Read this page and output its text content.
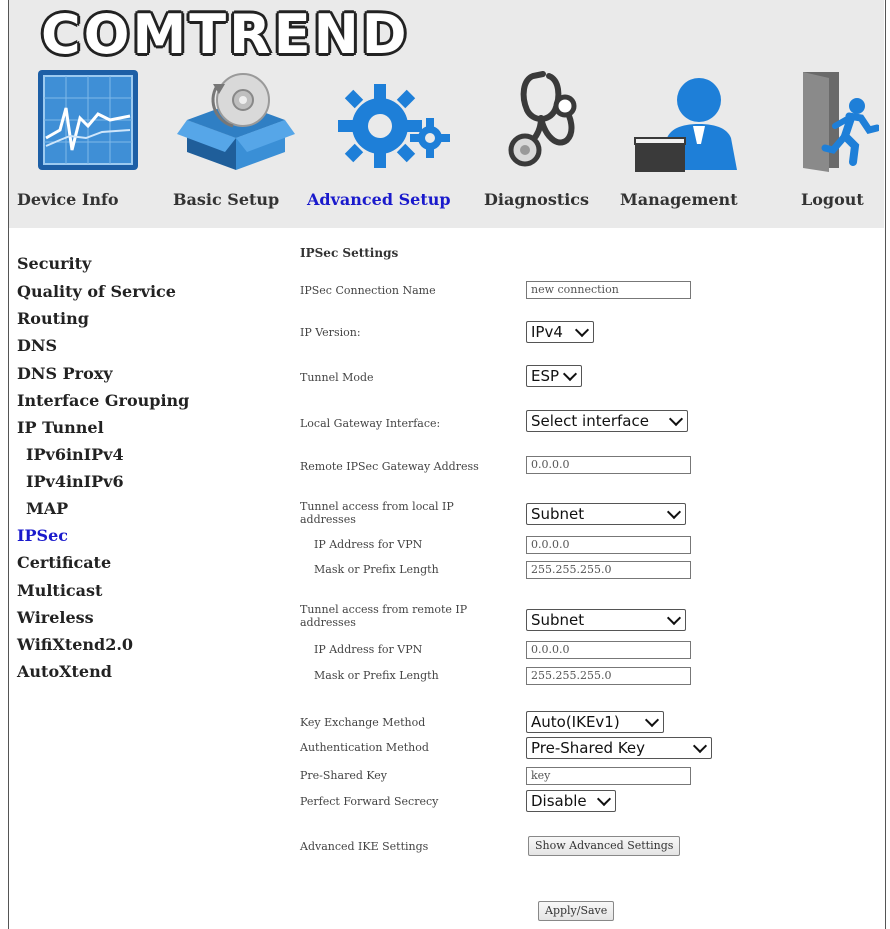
COMTREND
Device Info	Basic Setup Advanced Setup Diagnostics Management	Logout
Security
Quality of Service
Routing
DNS
DNS Proxy
Interface Grouping
IP Tunnel
IPv6inIPv4
IPv4inIPv6
MAP
IPSec
Certificate
Multicast
Wireless
WifiXtend2.0
AutoXtend
IPSec Settings
IPSec Connection Name	new connection
IP Version:	IPv4
Tunnel Mode	ESP
Local Gateway Interface:	Select interface
Remote IPSec Gateway Address	0.0.0.0
Tunnel access from local IP addresses	Subnet
IP Address for VPN	0.0.0.0
Mask or Prefix Length	255.255.255.0
Tunnel access from remote IP addresses	Subnet
IP Address for VPN	0.0.0.0
Mask or Prefix Length	255.255.255.0
Key Exchange Method	Auto(IKEv1)
Authentication Method	Pre-Shared Key
Pre-Shared Key	key
Perfect Forward Secrecy	Disable
Advanced IKE Settings	Show Advanced Settings
Apply/Save
